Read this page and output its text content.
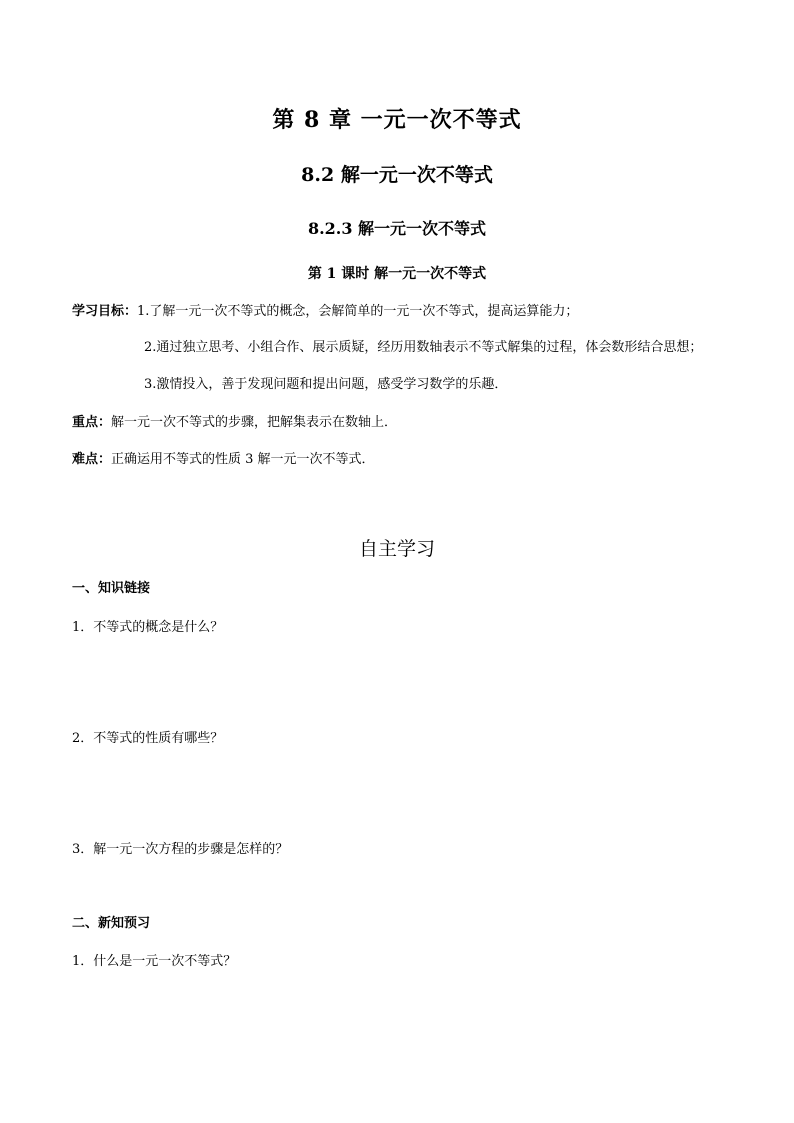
第 8 章 一元一次不等式
8.2 解一元一次不等式
8.2.3 解一元一次不等式
第 1 课时 解一元一次不等式
学习目标：1.了解一元一次不等式的概念，会解简单的一元一次不等式，提高运算能力；
2.通过独立思考、小组合作、展示质疑，经历用数轴表示不等式解集的过程，体会数形结合思想；
3.激情投入，善于发现问题和提出问题，感受学习数学的乐趣．
重点：解一元一次不等式的步骤，把解集表示在数轴上．
难点：正确运用不等式的性质 3 解一元一次不等式．
自主学习
一、知识链接
1．不等式的概念是什么？
2．不等式的性质有哪些？
3．解一元一次方程的步骤是怎样的？
二、新知预习
1．什么是一元一次不等式？
